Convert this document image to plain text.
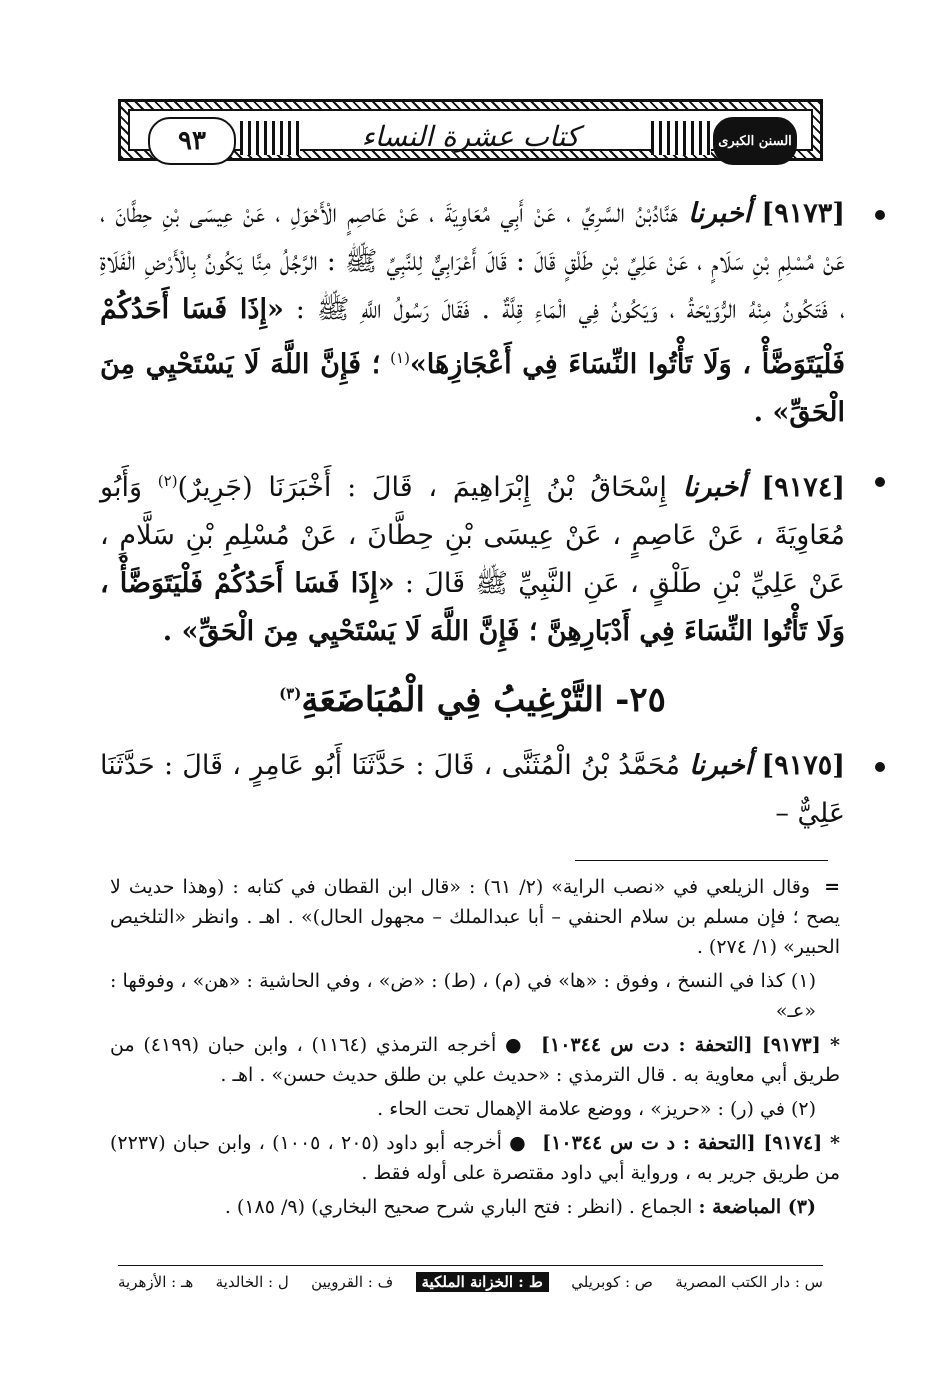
السنن الكبرى
كتاب عشرة النساء
٩٣

[٩١٧٣] أخبرنا هَنَّادُبْنُ السَّرِيِّ ، عَنْ أَبِي مُعَاوِيَةَ ، عَنْ عَاصِمٍ الْأَحْوَلِ ، عَنْ عِيسَى بْنِ حِطَّانَ ، عَنْ مُسْلِمِ بْنِ سَلَامٍ ، عَنْ عَلِيِّ بْنِ طَلْقٍ قَالَ : قَالَ أَعْرَابِيٌّ لِلنَّبِيِّ ﷺ : الرَّجُلُ مِنَّا يَكُونُ بِالْأَرْضِ الْفَلَاةِ ، فَتَكُونُ مِنْهُ الرُّوَيْحَةُ ، وَيَكُونُ فِي الْمَاءِ قِلَّةٌ . فَقَالَ رَسُولُ اللَّهِ ﷺ : «إِذَا فَسَا أَحَدُكُمْ فَلْيَتَوَضَّأْ ، وَلَا تَأْتُوا النِّسَاءَ فِي أَعْجَازِهَا»$^{(١)}$ ؛ فَإِنَّ اللَّهَ لَا يَسْتَحْيِي مِنَ الْحَقِّ» .

[٩١٧٤] أخبرنا إِسْحَاقُ بْنُ إِبْرَاهِيمَ ، قَالَ : أَخْبَرَنَا (جَرِيرٌ)$^{(٢)}$ وَأَبُو مُعَاوِيَةَ ، عَنْ عَاصِمٍ ، عَنْ عِيسَى بْنِ حِطَّانَ ، عَنْ مُسْلِمِ بْنِ سَلَّامٍ ، عَنْ عَلِيِّ بْنِ طَلْقٍ ، عَنِ النَّبِيِّ ﷺ قَالَ : «إِذَا فَسَا أَحَدُكُمْ فَلْيَتَوَضَّأْ ، وَلَا تَأْتُوا النِّسَاءَ فِي أَدْبَارِهِنَّ ؛ فَإِنَّ اللَّهَ لَا يَسْتَحْيِي مِنَ الْحَقِّ» .

٢٥- التَّرْغِيبُ فِي الْمُبَاضَعَةِ$^{(٣)}$

[٩١٧٥] أخبرنا مُحَمَّدُ بْنُ الْمُثَنَّى ، قَالَ : حَدَّثَنَا أَبُو عَامِرٍ ، قَالَ : حَدَّثَنَا عَلِيٌّ –

=وقال الزيلعي في «نصب الراية» (٢/ ٦١) : «قال ابن القطان في كتابه : (وهذا حديث لا يصح ؛ فإن مسلم بن سلام الحنفي – أبا عبدالملك – مجهول الحال)» . اهـ . وانظر «التلخيص الحبير» (١/ ٢٧٤) .

(١) كذا في النسخ ، وفوق : «ها» في (م) ، (ط) : «ض» ، وفي الحاشية : «هن» ، وفوقها : «عـ»

* [٩١٧٣] [التحفة : دت س ١٠٣٤٤] ● أخرجه الترمذي (١١٦٤) ، وابن حبان (٤١٩٩) من طريق أبي معاوية به . قال الترمذي : «حديث علي بن طلق حديث حسن» . اهـ .

(٢) في (ر) : «حريز» ، ووضع علامة الإهمال تحت الحاء .

* [٩١٧٤] [التحفة : د ت س ١٠٣٤٤] ● أخرجه أبو داود (٢٠٥ ، ١٠٠٥) ، وابن حبان (٢٢٣٧) من طريق جرير به ، ورواية أبي داود مقتصرة على أوله فقط .

(٣) المباضعة : الجماع . (انظر : فتح الباري شرح صحيح البخاري) (٩/ ١٨٥) .

س : دار الكتب المصرية
ص : كوبريلي
ط : الخزانة الملكية
ف : القرويين
ل : الخالدية
هـ : الأزهرية
